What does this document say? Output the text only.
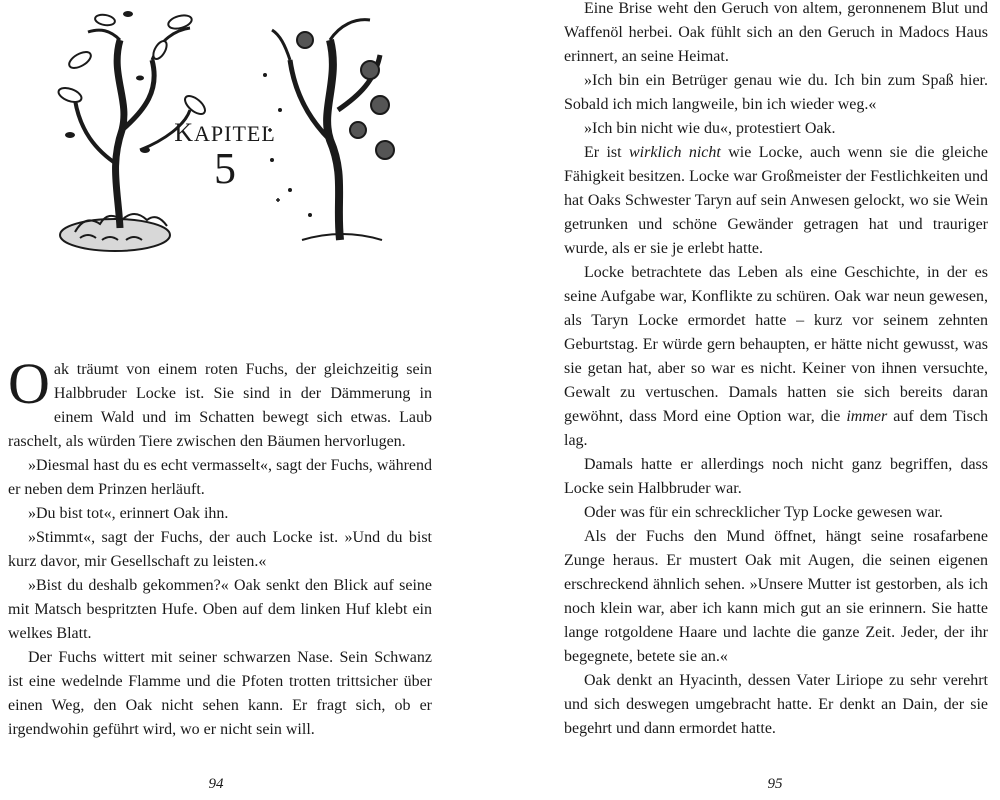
KAPITEL
5

Oak träumt von einem roten Fuchs, der gleichzeitig sein Halbbruder Locke ist. Sie sind in der Dämmerung in einem Wald und im Schatten bewegt sich etwas. Laub raschelt, als würden Tiere zwischen den Bäumen hervorlugen.

»Diesmal hast du es echt vermasselt«, sagt der Fuchs, während er neben dem Prinzen herläuft.

»Du bist tot«, erinnert Oak ihn.

»Stimmt«, sagt der Fuchs, der auch Locke ist. »Und du bist kurz davor, mir Gesellschaft zu leisten.«

»Bist du deshalb gekommen?« Oak senkt den Blick auf seine mit Matsch bespritzten Hufe. Oben auf dem linken Huf klebt ein welkes Blatt.

Der Fuchs wittert mit seiner schwarzen Nase. Sein Schwanz ist eine wedelnde Flamme und die Pfoten trotten trittsicher über einen Weg, den Oak nicht sehen kann. Er fragt sich, ob er irgendwohin geführt wird, wo er nicht sein will.

94

Eine Brise weht den Geruch von altem, geronnenem Blut und Waffenöl herbei. Oak fühlt sich an den Geruch in Madocs Haus erinnert, an seine Heimat.

»Ich bin ein Betrüger genau wie du. Ich bin zum Spaß hier. Sobald ich mich langweile, bin ich wieder weg.«

»Ich bin nicht wie du«, protestiert Oak.

Er ist wirklich nicht wie Locke, auch wenn sie die gleiche Fähigkeit besitzen. Locke war Großmeister der Festlichkeiten und hat Oaks Schwester Taryn auf sein Anwesen gelockt, wo sie Wein getrunken und schöne Gewänder getragen hat und trauriger wurde, als er sie je erlebt hatte.

Locke betrachtete das Leben als eine Geschichte, in der es seine Aufgabe war, Konflikte zu schüren. Oak war neun gewesen, als Taryn Locke ermordet hatte – kurz vor seinem zehnten Geburtstag. Er würde gern behaupten, er hätte nicht gewusst, was sie getan hat, aber so war es nicht. Keiner von ihnen versuchte, Gewalt zu vertuschen. Damals hatten sie sich bereits daran gewöhnt, dass Mord eine Option war, die immer auf dem Tisch lag.

Damals hatte er allerdings noch nicht ganz begriffen, dass Locke sein Halbbruder war.

Oder was für ein schrecklicher Typ Locke gewesen war.

Als der Fuchs den Mund öffnet, hängt seine rosafarbene Zunge heraus. Er mustert Oak mit Augen, die seinen eigenen erschreckend ähnlich sehen. »Unsere Mutter ist gestorben, als ich noch klein war, aber ich kann mich gut an sie erinnern. Sie hatte lange rotgoldene Haare und lachte die ganze Zeit. Jeder, der ihr begegnete, betete sie an.«

Oak denkt an Hyacinth, dessen Vater Liriope zu sehr verehrt und sich deswegen umgebracht hatte. Er denkt an Dain, der sie begehrt und dann ermordet hatte.

95
